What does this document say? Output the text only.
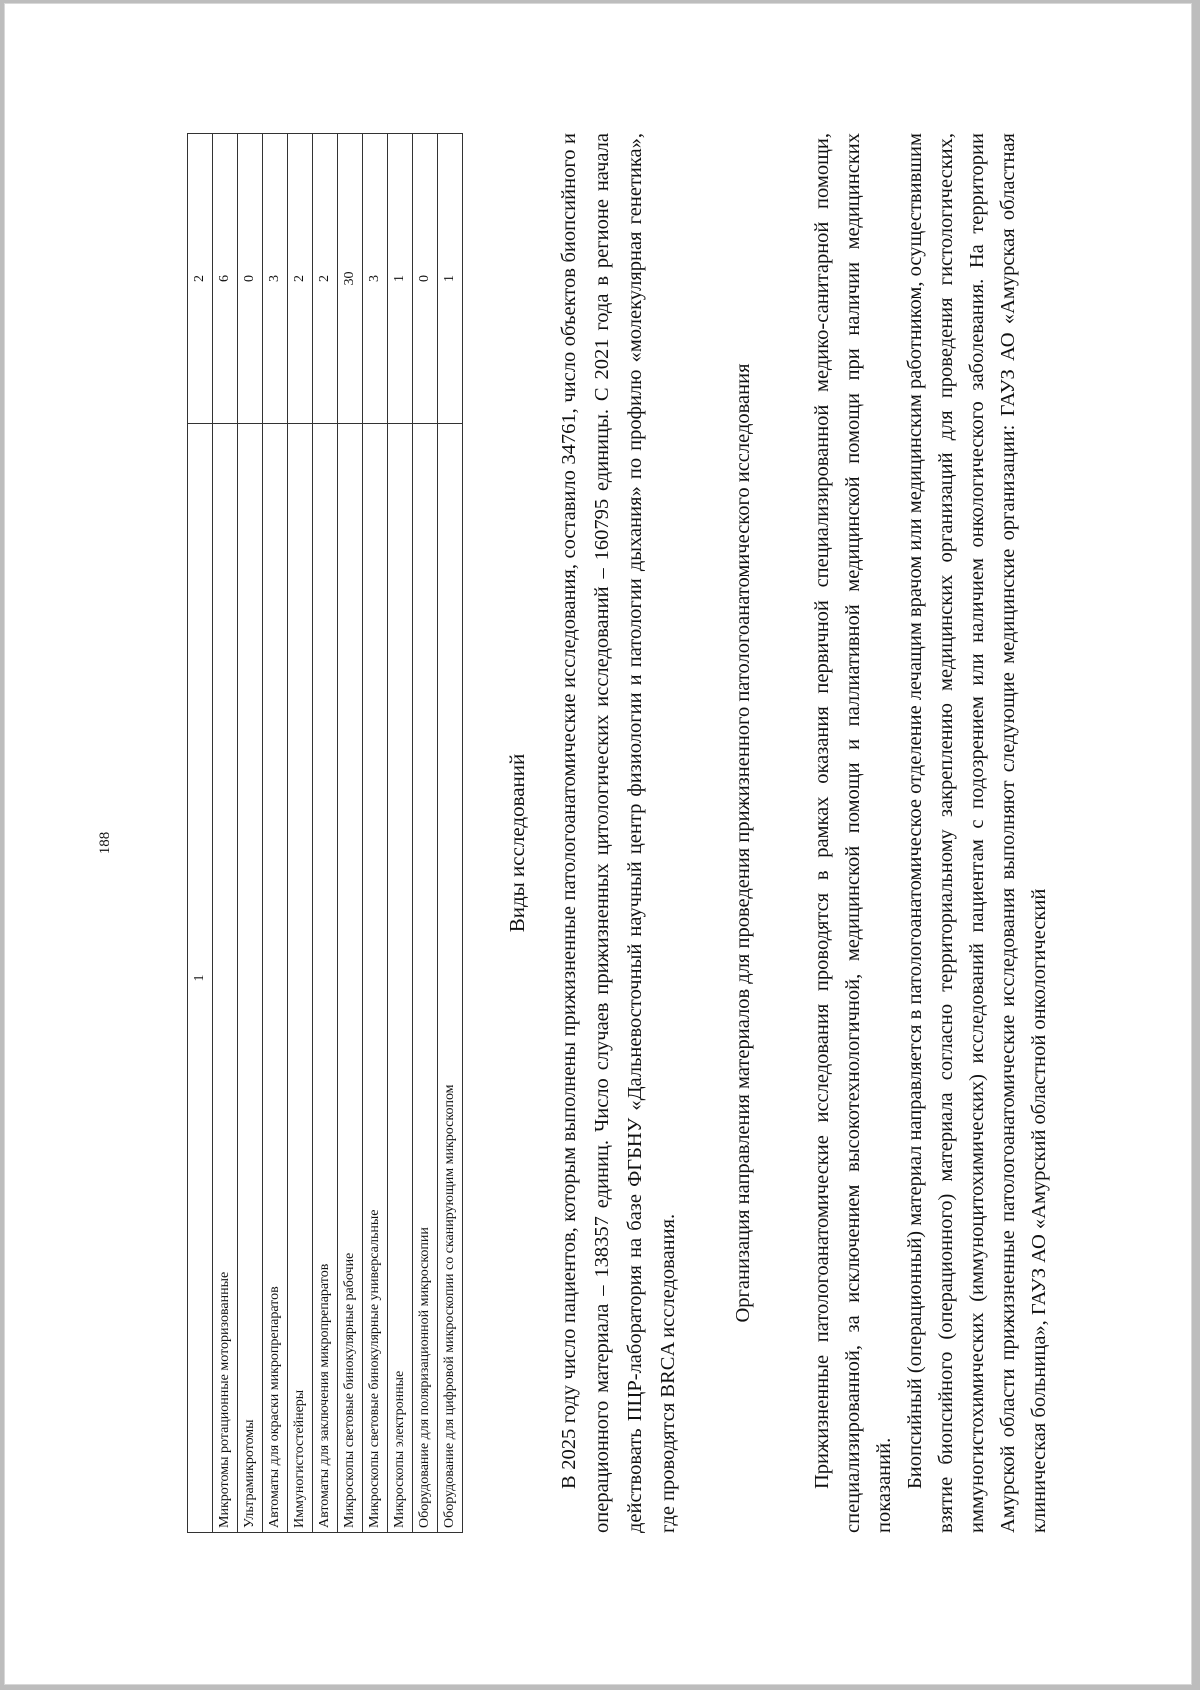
188
1	2
Микротомы ротационные моторизованные	6
Ультрамикротомы	0
Автоматы для окраски микропрепаратов	3
Иммуногистостейнеры	2
Автоматы для заключения микропрепаратов	2
Микроскопы световые бинокулярные рабочие	30
Микроскопы световые бинокулярные универсальные	3
Микроскопы электронные	1
Оборудование для поляризационной микроскопии	0
Оборудование для цифровой микроскопии со сканирующим микроскопом	1
Виды исследований В 2025 году число пациентов, которым выполнены прижизненные патологоанатомические исследования, составило 34761, число объектов биопсийного и операционного материала – 138357 единиц. Число случаев прижизненных цитологических исследований – 160795 единицы. С 2021 года в регионе начала действовать ПЦР-лаборатория на базе ФГБНУ «Дальневосточный научный центр физиологии и патологии дыхания» по профилю «молекулярная генетика», где проводятся BRCA исследования.

Организация направления материалов для проведения прижизненного патологоанатомического исследования	Прижизненные патологоанатомические исследования проводятся в рамках оказания первичной специализированной медико-санитарной помощи, специализированной, за исключением высокотехнологичной, медицинской помощи и паллиативной медицинской помощи при наличии медицинских показаний. Биопсийный (операционный) материал направляется в патологоанатомическое отделение лечащим врачом или медицинским работником, осуществившим взятие биопсийного (операционного) материала согласно территориальному закреплению медицинских организаций для проведения гистологических, иммуногистохимических (иммуноцитохимических) исследований пациентам с подозрением или наличием онкологического заболевания. На территории Амурской области прижизненные патологоанатомические исследования выполняют следующие медицинские организации: ГАУЗ АО «Амурская областная клиническая больница», ГАУЗ АО «Амурский областной онкологический
